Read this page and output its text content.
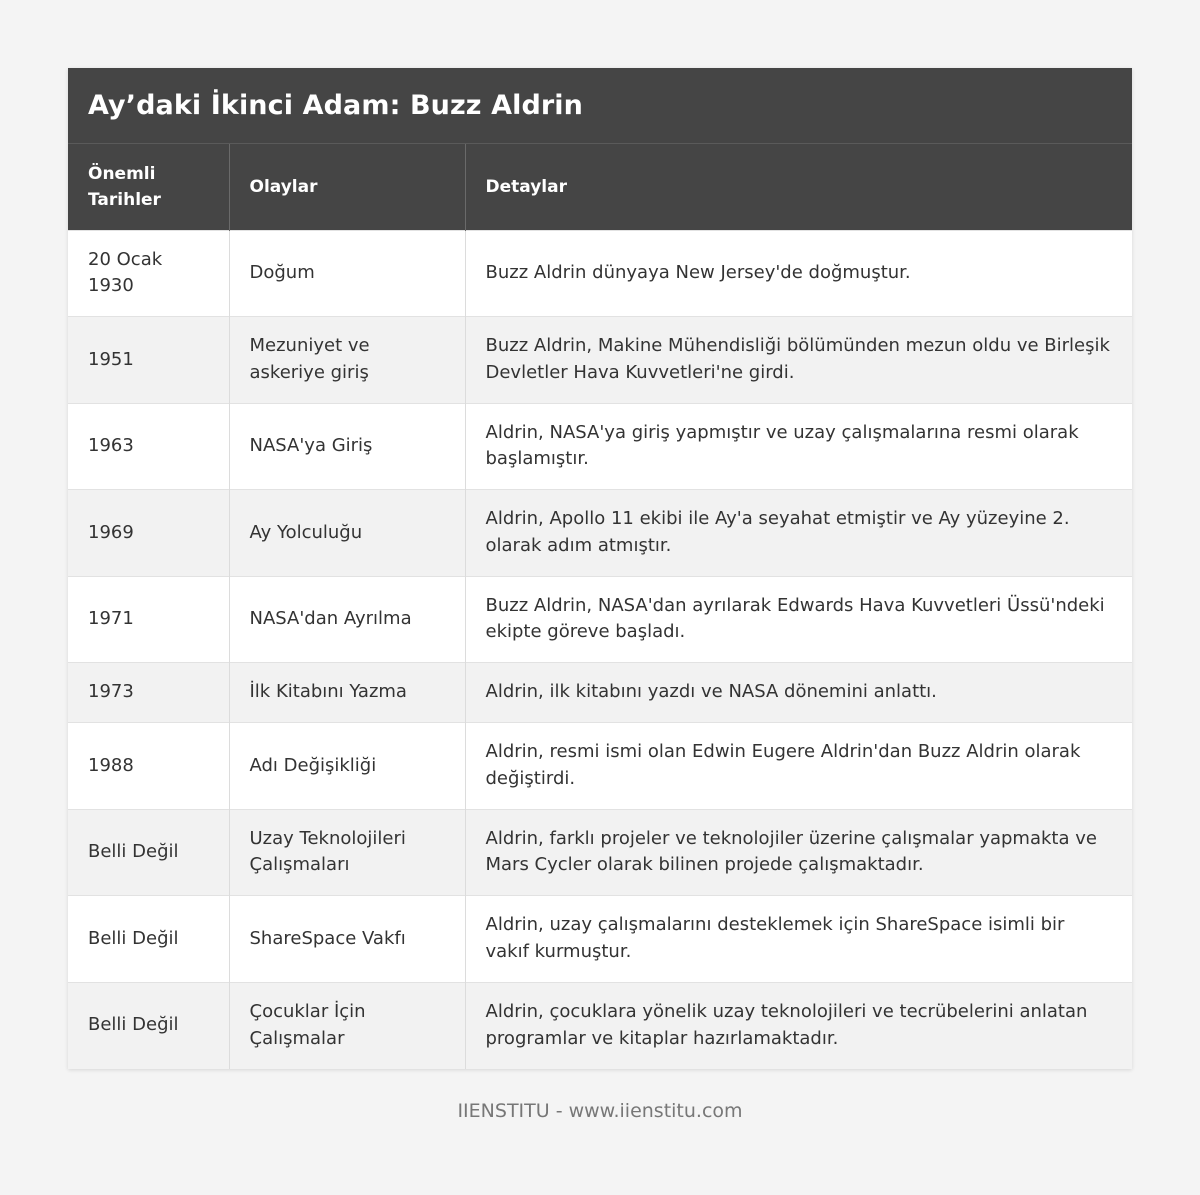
Ay’daki İkinci Adam: Buzz Aldrin
Önemli Tarihler	Olaylar	Detaylar
20 Ocak 1930	Doğum	Buzz Aldrin dünyaya New Jersey'de doğmuştur.
1951	Mezuniyet ve askeriye giriş	Buzz Aldrin, Makine Mühendisliği bölümünden mezun oldu ve Birleşik Devletler Hava Kuvvetleri'ne girdi.
1963	NASA'ya Giriş	Aldrin, NASA'ya giriş yapmıştır ve uzay çalışmalarına resmi olarak başlamıştır.
1969	Ay Yolculuğu	Aldrin, Apollo 11 ekibi ile Ay'a seyahat etmiştir ve Ay yüzeyine 2. olarak adım atmıştır.
1971	NASA'dan Ayrılma	Buzz Aldrin, NASA'dan ayrılarak Edwards Hava Kuvvetleri Üssü'ndeki ekipte göreve başladı.
1973	İlk Kitabını Yazma	Aldrin, ilk kitabını yazdı ve NASA dönemini anlattı.
1988	Adı Değişikliği	Aldrin, resmi ismi olan Edwin Eugere Aldrin'dan Buzz Aldrin olarak değiştirdi.
Belli Değil	Uzay Teknolojileri Çalışmaları	Aldrin, farklı projeler ve teknolojiler üzerine çalışmalar yapmakta ve Mars Cycler olarak bilinen projede çalışmaktadır.
Belli Değil	ShareSpace Vakfı	Aldrin, uzay çalışmalarını desteklemek için ShareSpace isimli bir vakıf kurmuştur.
Belli Değil	Çocuklar İçin Çalışmalar	Aldrin, çocuklara yönelik uzay teknolojileri ve tecrübelerini anlatan programlar ve kitaplar hazırlamaktadır.
IIENSTITU - www.iienstitu.com
